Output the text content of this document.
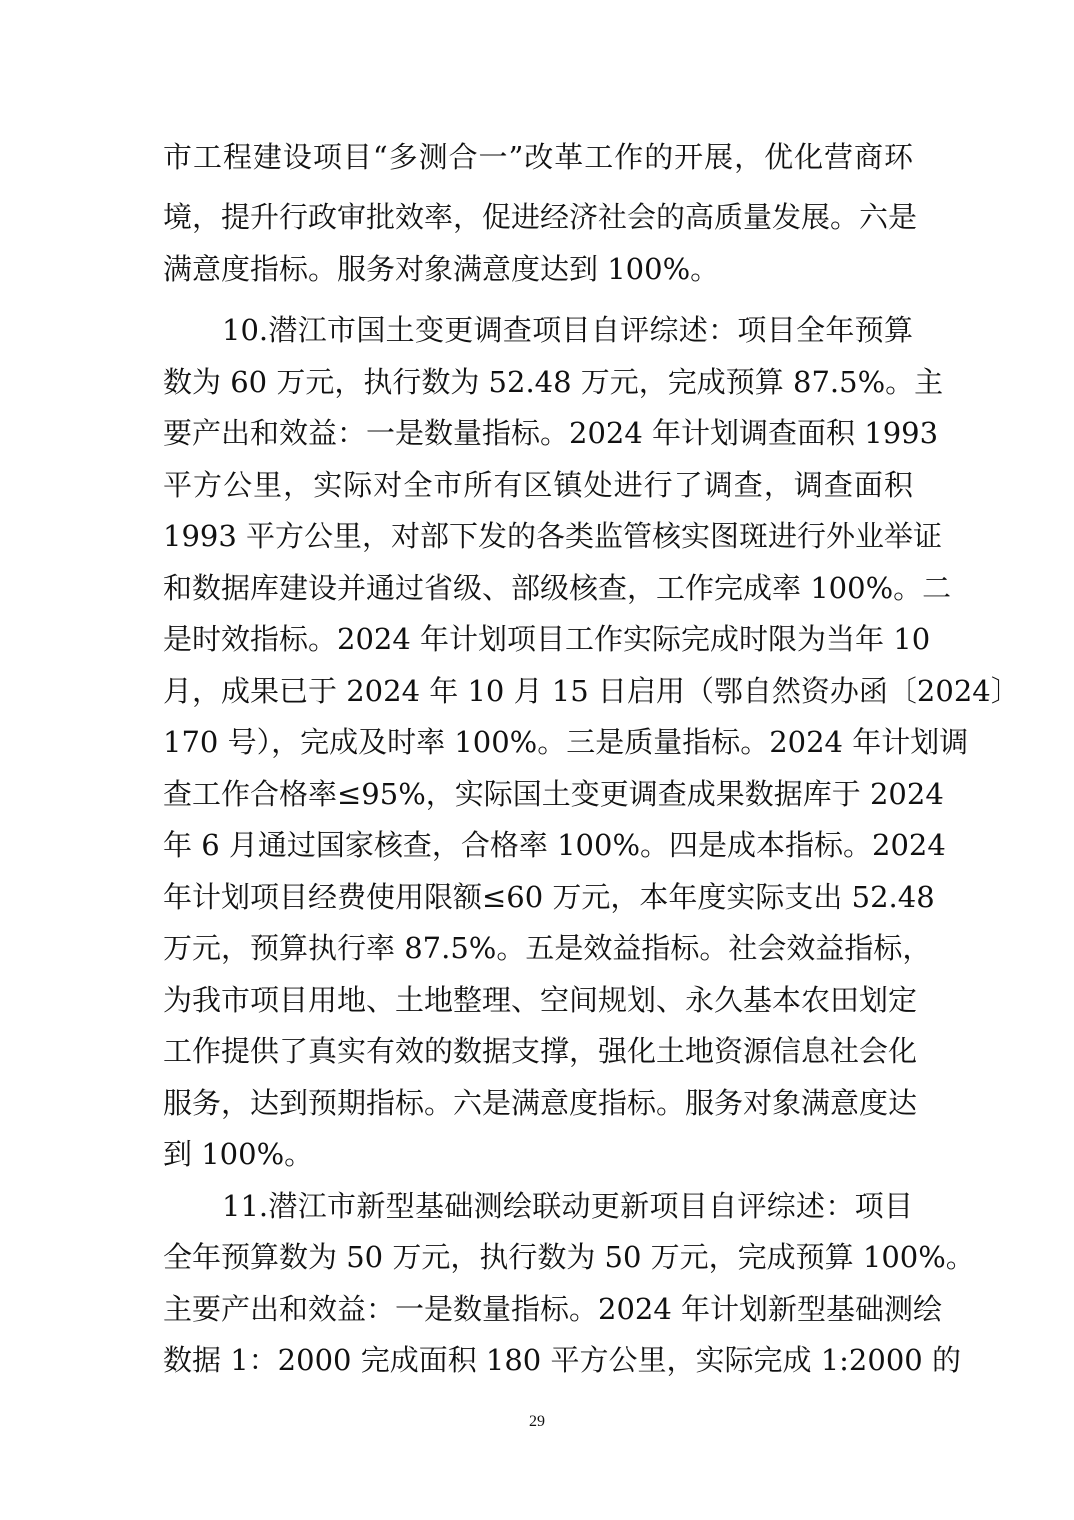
市工程建设项目“多测合一”改革工作的开展，优化营商环
境，提升行政审批效率，促进经济社会的高质量发展。六是
满意度指标。服务对象满意度达到 100%。
10.潜江市国土变更调查项目自评综述：项目全年预算
数为 60 万元，执行数为 52.48 万元，完成预算 87.5%。主
要产出和效益：一是数量指标。2024 年计划调查面积 1993
平方公里，实际对全市所有区镇处进行了调查，调查面积
1993 平方公里，对部下发的各类监管核实图斑进行外业举证
和数据库建设并通过省级、部级核查，工作完成率 100%。二
是时效指标。2024 年计划项目工作实际完成时限为当年 10
月，成果已于 2024 年 10 月 15 日启用（鄂自然资办函〔2024〕
170 号），完成及时率 100%。三是质量指标。2024 年计划调
查工作合格率≤95%，实际国土变更调查成果数据库于 2024
年 6 月通过国家核查，合格率 100%。四是成本指标。2024
年计划项目经费使用限额≤60 万元，本年度实际支出 52.48
万元，预算执行率 87.5%。五是效益指标。社会效益指标，
为我市项目用地、土地整理、空间规划、永久基本农田划定
工作提供了真实有效的数据支撑，强化土地资源信息社会化
服务，达到预期指标。六是满意度指标。服务对象满意度达
到 100%。
11.潜江市新型基础测绘联动更新项目自评综述：项目
全年预算数为 50 万元，执行数为 50 万元，完成预算 100%。
主要产出和效益：一是数量指标。2024 年计划新型基础测绘
数据 1：2000 完成面积 180 平方公里，实际完成 1:2000 的
29
